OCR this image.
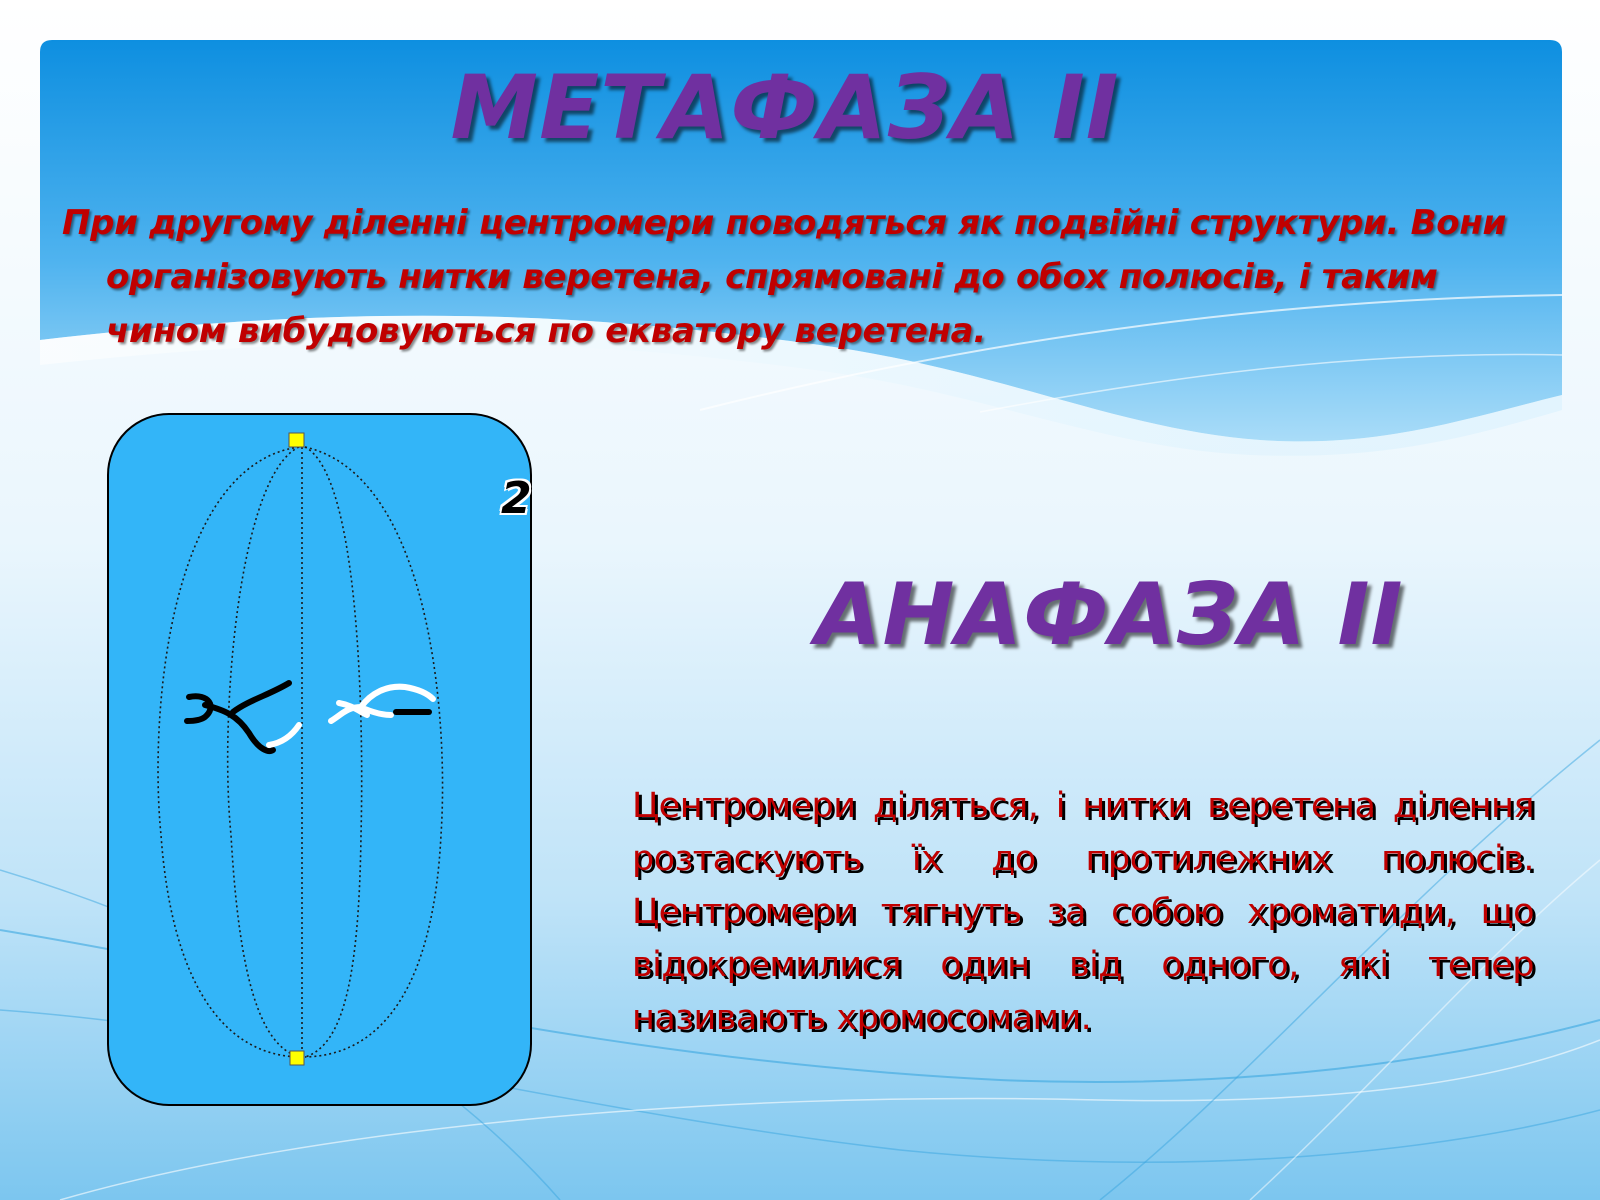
МЕТАФАЗА II

При другому діленні центромери поводяться як подвійні структури. Вони організовують нитки веретена, спрямовані до обох полюсів, і таким чином вибудовуються по екватору веретена.

2

АНАФАЗА II

Центромери діляться, і нитки веретена ділення розтаскують їх до протилежних полюсів. Центромери тягнуть за собою хроматиди, що відокремилися один від одного, які тепер називають хромосомами.
